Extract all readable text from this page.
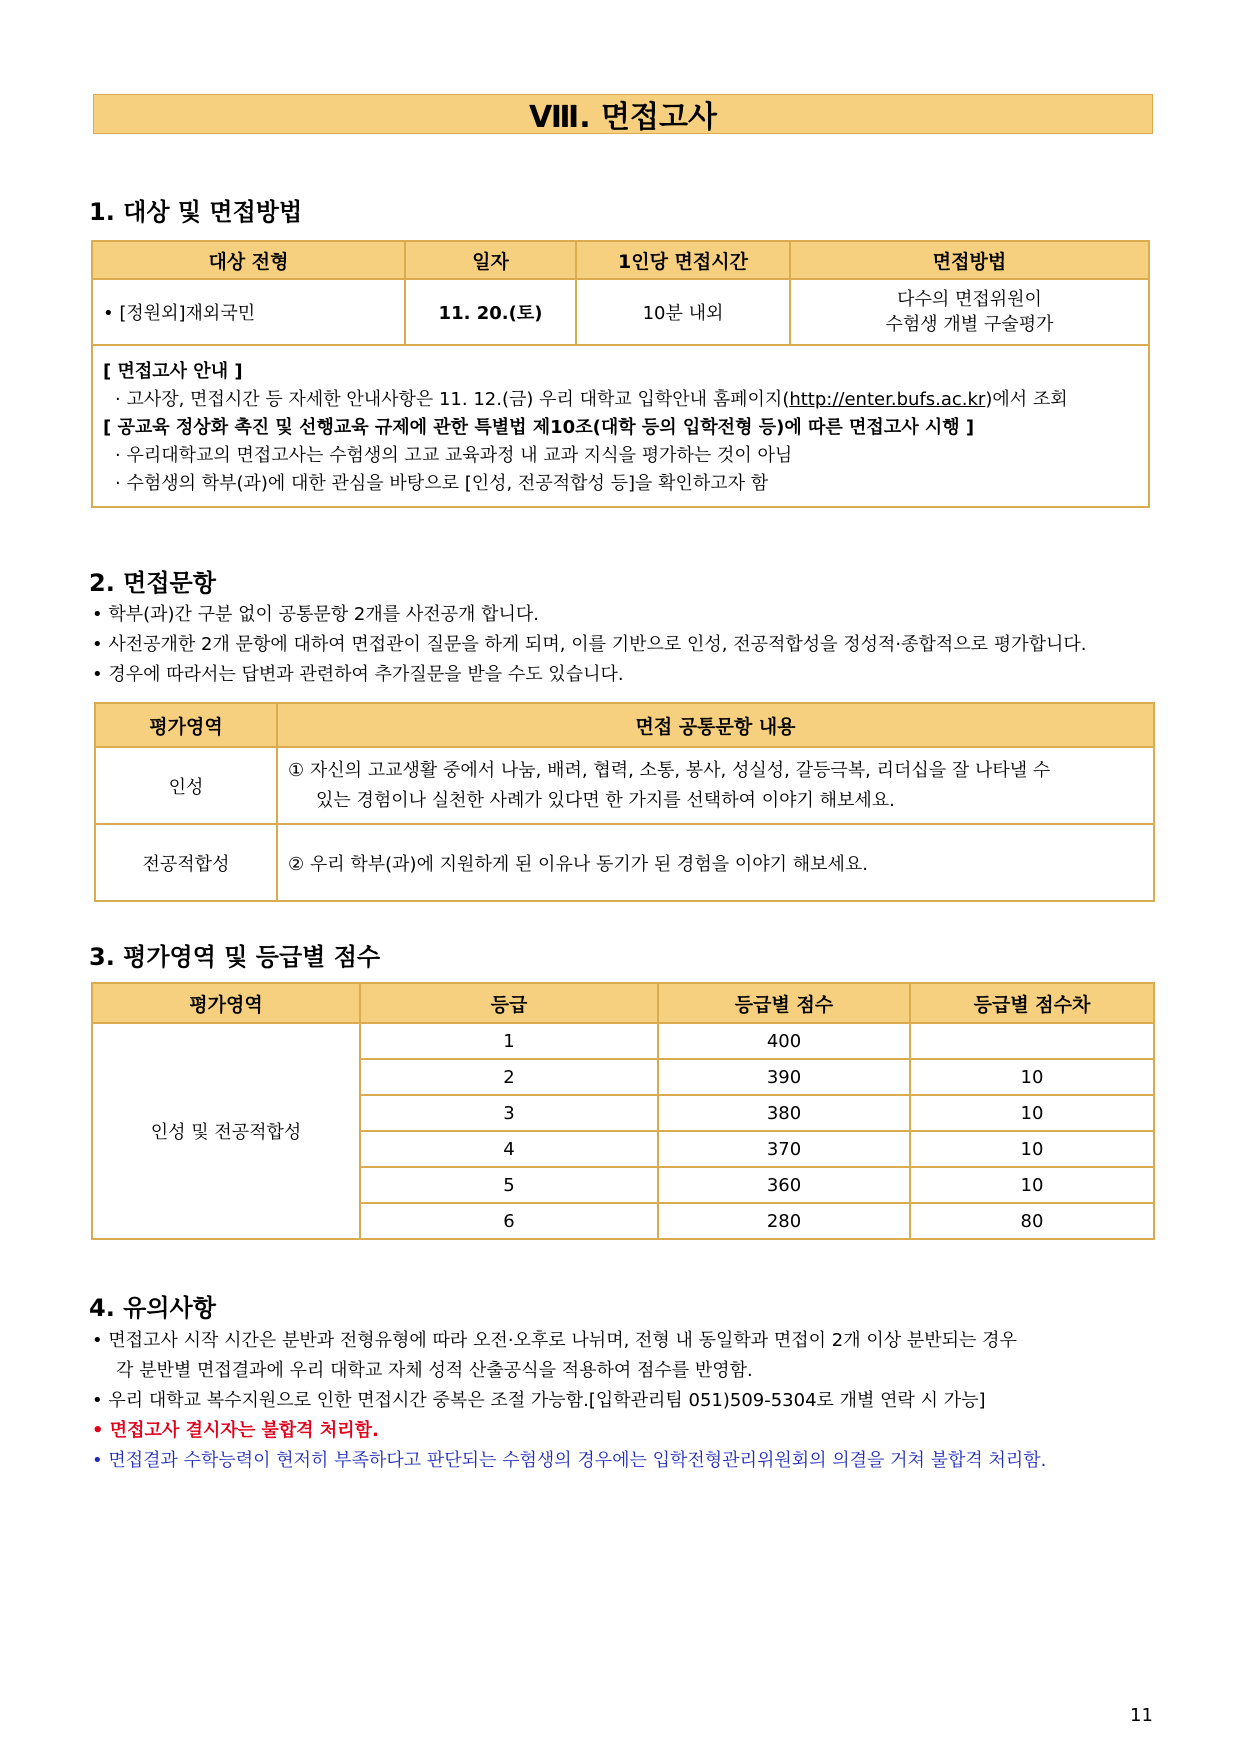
Ⅷ. 면접고사
1. 대상 및 면접방법
대상 전형	일자	1인당 면접시간	면접방법
• [정원외]재외국민	11. 20.(토)	10분 내외	다수의 면접위원이
수험생 개별 구술평가

[ 면접고사 안내 ]

· 고사장, 면접시간 등 자세한 안내사항은 11. 12.(금) 우리 대학교 입학안내 홈페이지(http://enter.bufs.ac.kr)에서 조회

[ 공교육 정상화 촉진 및 선행교육 규제에 관한 특별법 제10조(대학 등의 입학전형 등)에 따른 면접고사 시행 ]

· 우리대학교의 면접고사는 수험생의 고교 교육과정 내 교과 지식을 평가하는 것이 아님

· 수험생의 학부(과)에 대한 관심을 바탕으로 [인성, 전공적합성 등]을 확인하고자 함			

2. 면접문항

• 학부(과)간 구분 없이 공통문항 2개를 사전공개 합니다.

• 사전공개한 2개 문항에 대하여 면접관이 질문을 하게 되며, 이를 기반으로 인성, 전공적합성을 정성적·종합적으로 평가합니다.

• 경우에 따라서는 답변과 관련하여 추가질문을 받을 수도 있습니다.

평가영역	면접 공통문항 내용
인성	① 자신의 고교생활 중에서 나눔, 배려, 협력, 소통, 봉사, 성실성, 갈등극복, 리더십을 잘 나타낼 수
있는 경험이나 실천한 사례가 있다면 한 가지를 선택하여 이야기 해보세요.

전공적합성	② 우리 학부(과)에 지원하게 된 이유나 동기가 된 경험을 이야기 해보세요.
3. 평가영역 및 등급별 점수
평가영역	등급	등급별 점수	등급별 점수차
인성 및 전공적합성	1	400	
	2	390	10
	3	380	10
	4	370	10
	5	360	10
	6	280	80
4. 유의사항

• 면접고사 시작 시간은 분반과 전형유형에 따라 오전·오후로 나뉘며, 전형 내 동일학과 면접이 2개 이상 분반되는 경우
각 분반별 면접결과에 우리 대학교 자체 성적 산출공식을 적용하여 점수를 반영함.

• 우리 대학교 복수지원으로 인한 면접시간 중복은 조절 가능함.[입학관리팀 051)509-5304로 개별 연락 시 가능]

• 면접고사 결시자는 불합격 처리함.

• 면접결과 수학능력이 현저히 부족하다고 판단되는 수험생의 경우에는 입학전형관리위원회의 의결을 거쳐 불합격 처리함.

11
